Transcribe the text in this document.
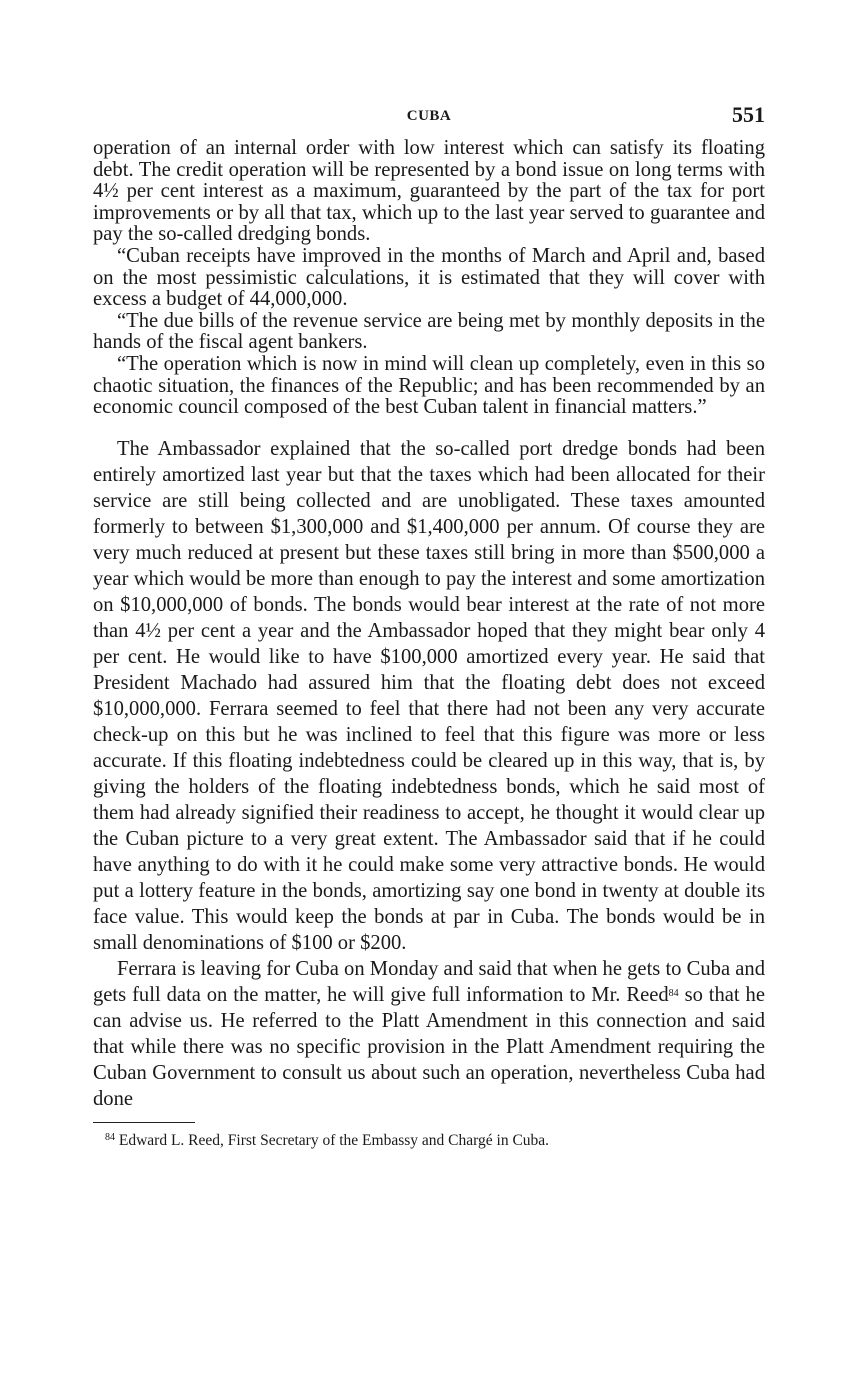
CUBA	551

operation of an internal order with low interest which can satisfy its floating debt. The credit operation will be represented by a bond issue on long terms with 4½ per cent interest as a maximum, guaranteed by the part of the tax for port improvements or by all that tax, which up to the last year served to guarantee and pay the so-called dredging bonds.

“Cuban receipts have improved in the months of March and April and, based on the most pessimistic calculations, it is estimated that they will cover with excess a budget of 44,000,000.

“The due bills of the revenue service are being met by monthly deposits in the hands of the fiscal agent bankers.

“The operation which is now in mind will clean up completely, even in this so chaotic situation, the finances of the Republic; and has been recommended by an economic council composed of the best Cuban talent in financial matters.”

The Ambassador explained that the so-called port dredge bonds had been entirely amortized last year but that the taxes which had been allocated for their service are still being collected and are unobligated. These taxes amounted formerly to between $1,300,000 and $1,400,000 per annum. Of course they are very much reduced at present but these taxes still bring in more than $500,000 a year which would be more than enough to pay the interest and some amortization on $10,000,000 of bonds. The bonds would bear interest at the rate of not more than 4½ per cent a year and the Ambassador hoped that they might bear only 4 per cent. He would like to have $100,000 amortized every year. He said that President Machado had assured him that the floating debt does not exceed $10,000,000. Ferrara seemed to feel that there had not been any very accurate check-up on this but he was inclined to feel that this figure was more or less accurate. If this floating indebtedness could be cleared up in this way, that is, by giving the holders of the floating indebtedness bonds, which he said most of them had already signified their readiness to accept, he thought it would clear up the Cuban picture to a very great extent. The Ambassador said that if he could have anything to do with it he could make some very attractive bonds. He would put a lottery feature in the bonds, amortizing say one bond in twenty at double its face value. This would keep the bonds at par in Cuba. The bonds would be in small denominations of $100 or $200.

Ferrara is leaving for Cuba on Monday and said that when he gets to Cuba and gets full data on the matter, he will give full information to Mr. Reed$^{84}$ so that he can advise us. He referred to the Platt Amendment in this connection and said that while there was no specific provision in the Platt Amendment requiring the Cuban Government to consult us about such an operation, nevertheless Cuba had done

$^{84}$ Edward L. Reed, First Secretary of the Embassy and Chargé in Cuba.
